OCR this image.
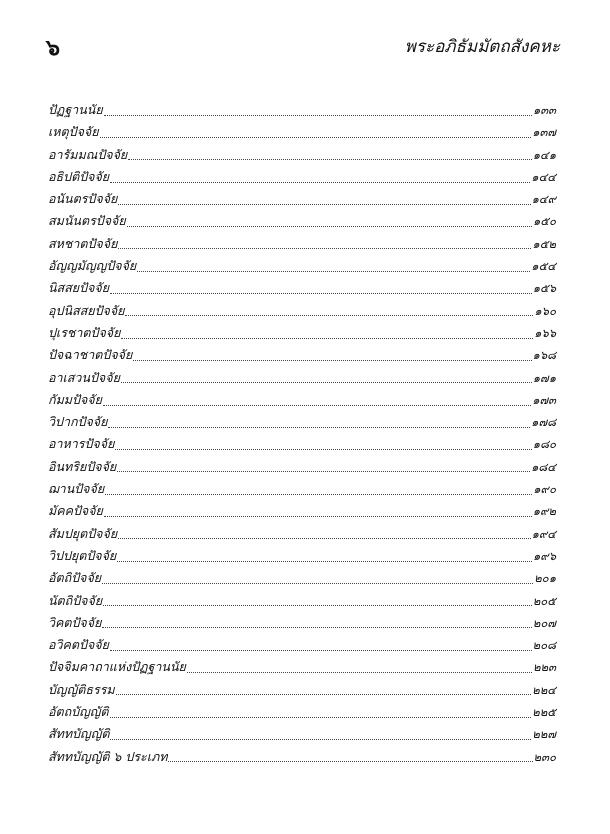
๖	พระอภิธัมมัตถสังคหะ
ปัฏฐานนัย	๑๓๓
เหตุปัจจัย	๑๓๗
อารัมมณปัจจัย	๑๔๑
อธิปติปัจจัย	๑๔๔
อนันตรปัจจัย	๑๔๙
สมนันตรปัจจัย	๑๕๐
สหชาตปัจจัย	๑๕๒
อัญญมัญญปัจจัย	๑๕๔
นิสสยปัจจัย	๑๕๖
อุปนิสสยปัจจัย	๑๖๐
ปุเรชาตปัจจัย	๑๖๖
ปัจฉาชาตปัจจัย	๑๖๘
อาเสวนปัจจัย	๑๗๑
กัมมปัจจัย	๑๗๓
วิปากปัจจัย	๑๗๘
อาหารปัจจัย	๑๘๐
อินทริยปัจจัย	๑๘๔
ฌานปัจจัย	๑๙๐
มัคคปัจจัย	๑๙๒
สัมปยุตปัจจัย	๑๙๔
วิปปยุตปัจจัย	๑๙๖
อัตถิปัจจัย	๒๐๑
นัตถิปัจจัย	๒๐๕
วิคตปัจจัย	๒๐๗
อวิคตปัจจัย	๒๐๘
ปัจจิมคาถาแห่งปัฏฐานนัย	๒๒๓
บัญญัติธรรม	๒๒๔
อัตถบัญญัติ	๒๒๕
สัททบัญญัติ	๒๒๗
สัททบัญญัติ ๖ ประเภท	๒๓๐
